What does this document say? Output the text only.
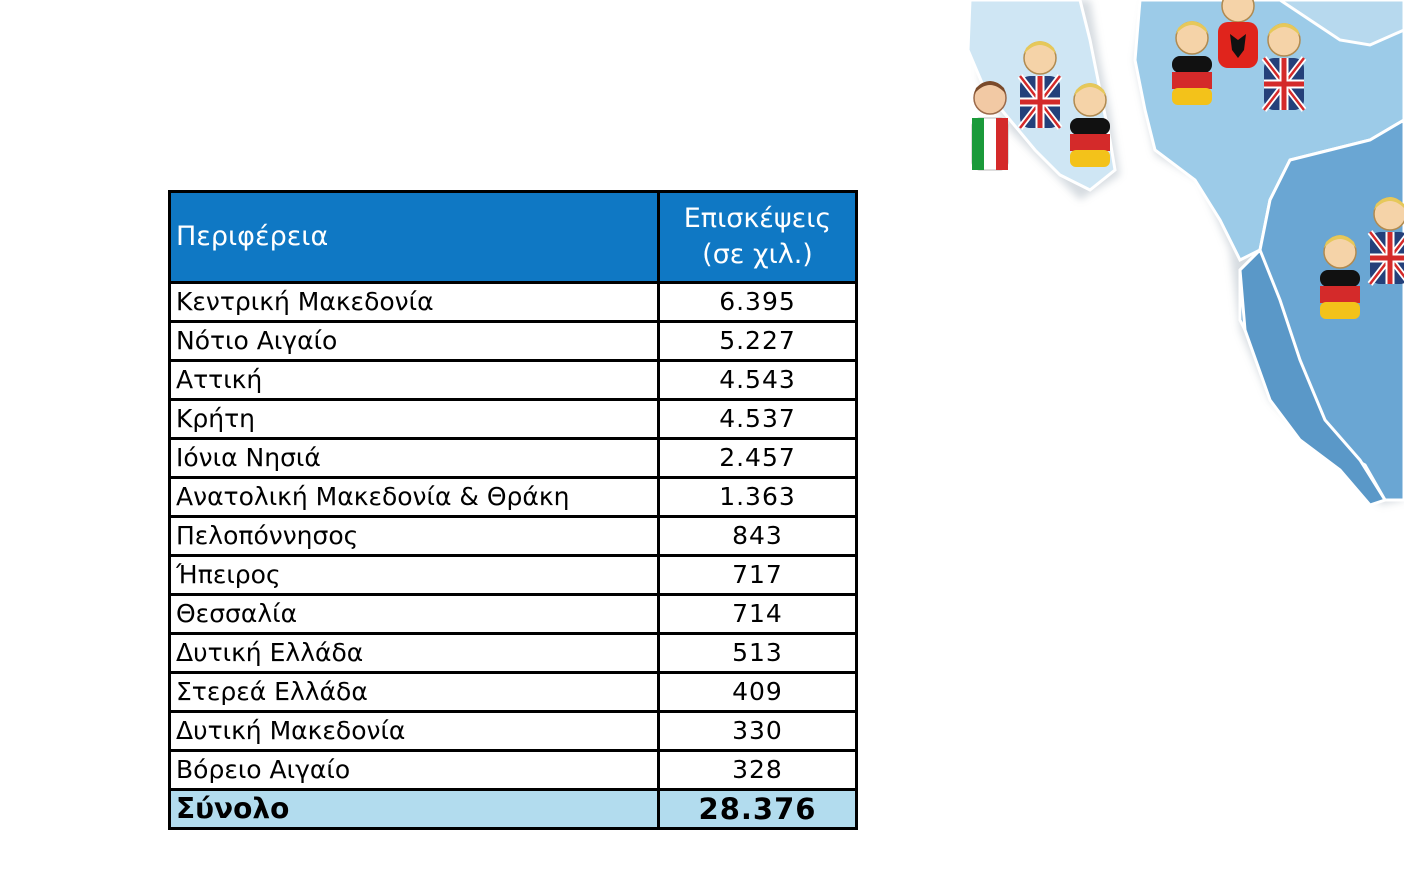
Περιφέρεια	Επισκέψεις
(σε χιλ.)

Κεντρική Μακεδονία	6.395
Νότιο Αιγαίο	5.227
Αττική	4.543
Κρήτη	4.537
Ιόνια Νησιά	2.457
Ανατολική Μακεδονία & Θράκη	1.363
Πελοπόννησος	843
Ήπειρος	717
Θεσσαλία	714
Δυτική Ελλάδα	513
Στερεά Ελλάδα	409
Δυτική Μακεδονία	330
Βόρειο Αιγαίο	328
Σύνολο	28.376
